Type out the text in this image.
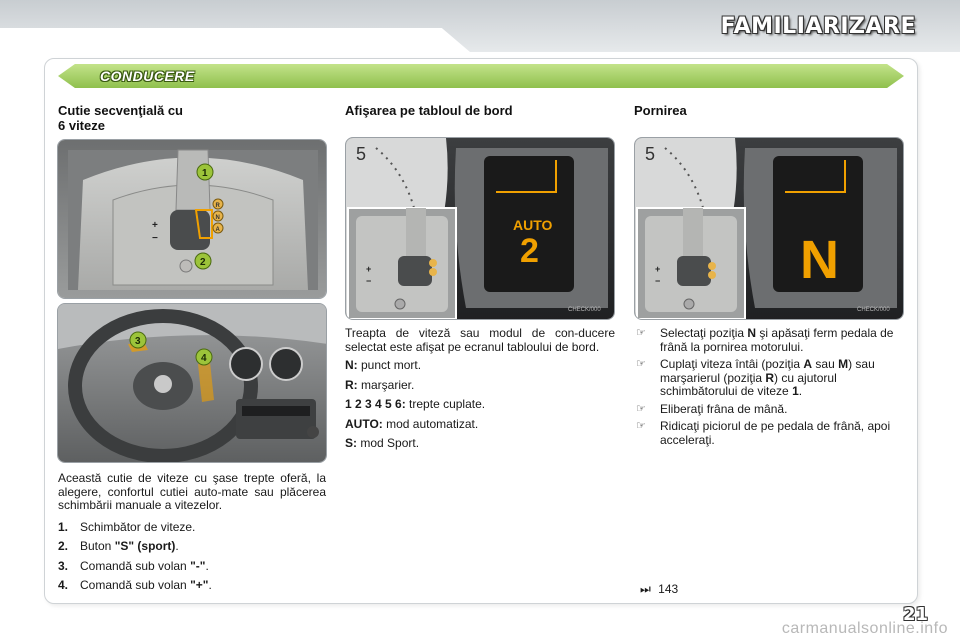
FAMILIARIZARE
CONDUCERE
Cutie secvenţială cu
6 viteze
+
−
R
N
A
1
2
3
4
Această cutie de viteze cu şase trepte oferă, la alegere, confortul cutiei auto-mate sau plăcerea schimbării manuale a vitezelor.
1. Schimbător de viteze.
2. Buton "S" (sport).
3. Comandă sub volan "-".
4. Comandă sub volan "+".
Afişarea pe tabloul de bord
5
AUTO
2
CHECK/000
+
−
Treapta de viteză sau modul de con-ducere selectat este afişat pe ecranul tabloului de bord.
N: punct mort.
R: marşarier.
1 2 3 4 5 6: trepte cuplate.
AUTO: mod automatizat.
S: mod Sport.
Pornirea
5
N
CHECK/000
+
−
☞ Selectaţi poziţia N şi apăsaţi ferm pedala de frână la pornirea motorului.
☞ Cuplaţi viteza întâi (poziţia A sau M) sau marşarierul (poziţia R) cu ajutorul schimbătorului de viteze 1.
☞ Eliberaţi frâna de mână.
☞ Ridicaţi piciorul de pe pedala de frână, apoi acceleraţi.
⏭ 143
21
carmanualsonline.info
